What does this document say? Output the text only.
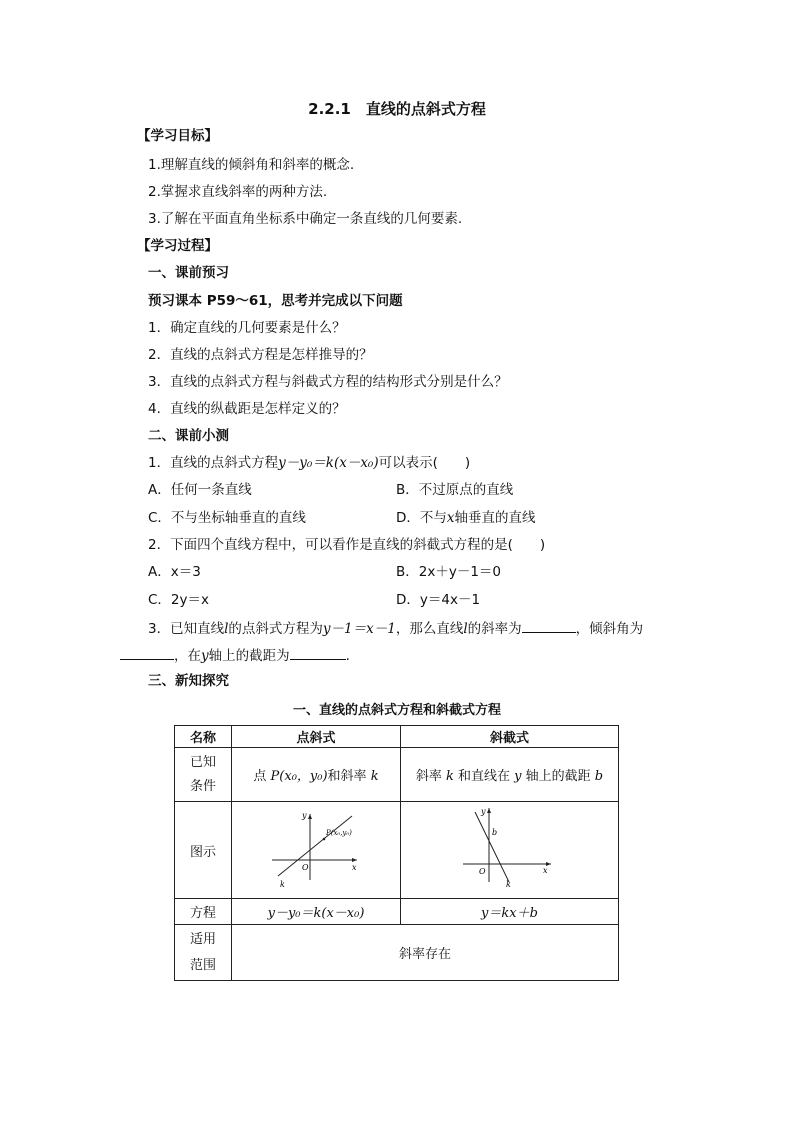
2.2.1　直线的点斜式方程
【学习目标】
1.理解直线的倾斜角和斜率的概念.
2.掌握求直线斜率的两种方法.
3.了解在平面直角坐标系中确定一条直线的几何要素.
【学习过程】
一、课前预习
预习课本 P59～61，思考并完成以下问题
1．确定直线的几何要素是什么？
2．直线的点斜式方程是怎样推导的？
3．直线的点斜式方程与斜截式方程的结构形式分别是什么？
4．直线的纵截距是怎样定义的？
二、课前小测
1．直线的点斜式方程y－y₀＝k(x－x₀)可以表示(　　)
A．任何一条直线	B．不过原点的直线
C．不与坐标轴垂直的直线	D．不与x轴垂直的直线
2．下面四个直线方程中，可以看作是直线的斜截式方程的是(　　)
A．x＝3	B．2x＋y－1＝0
C．2y＝x	D．y＝4x－1
3．已知直线l的点斜式方程为y－1＝x－1，那么直线l的斜率为	，倾斜角为
，在y轴上的截距为	.
三、新知探究
一、直线的点斜式方程和斜截式方程
名称	点斜式	斜截式

已知
条件	点 P(x₀，y₀)和斜率 k	斜率 k 和直线在 y 轴上的截距 b
图示	y
x
O
k
P(x₀,y₀)	y
x
O
k
b

方程	y－y₀＝k(x－x₀)	y＝kx＋b

适用
范围	斜率存在	
